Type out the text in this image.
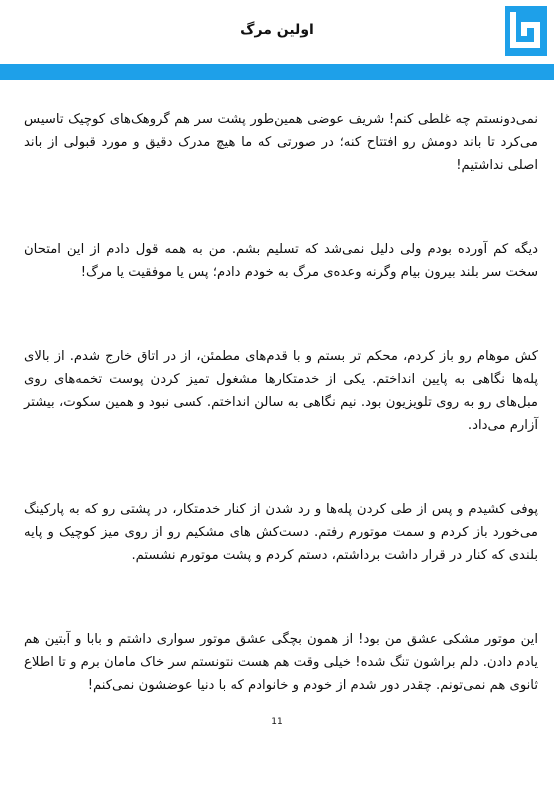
اولین مرگ

نمی‌دونستم چه غلطی کنم! شریف عوضی همین‌طور پشت سر هم گروهک‌های کوچیک تاسیس می‌کرد تا باند دومش رو افتتاح کنه؛ در صورتی که ما هیچ مدرک دقیق و مورد قبولی از باند اصلی نداشتیم!

دیگه کم آورده بودم ولی دلیل نمی‌شد که تسلیم بشم. من به همه قول دادم از این امتحان سخت سر بلند بیرون بیام وگرنه وعده‌ی مرگ به خودم دادم؛ پس یا موفقیت یا مرگ!

کش موهام رو باز کردم، محکم تر بستم و با قدم‌های مطمئن، از در اتاق خارج شدم. از بالای پله‌ها نگاهی به پایین انداختم. یکی از خدمتکارها مشغول تمیز کردن پوست تخمه‌های روی مبل‌های رو به روی تلویزیون بود. نیم نگاهی به سالن انداختم. کسی نبود و همین سکوت، بیشتر آزارم می‌داد.

پوفی کشیدم و پس از طی کردن پله‌ها و رد شدن از کنار خدمتکار، در پشتی رو که به پارکینگ می‌خورد باز کردم و سمت موتورم رفتم. دست‌کش های مشکیم رو از روی میز کوچیک و پایه بلندی که کنار در قرار داشت برداشتم، دستم کردم و پشت موتورم نشستم.

این موتور مشکی عشق من بود! از همون بچگی عشق موتور سواری داشتم و بابا و آبتین هم یادم دادن. دلم براشون تنگ شده! خیلی وقت هم هست نتونستم سر خاک مامان برم و تا اطلاع ثانوی هم نمی‌تونم. چقدر دور شدم از خودم و خانوادم که با دنیا عوضشون نمی‌کنم!

11
